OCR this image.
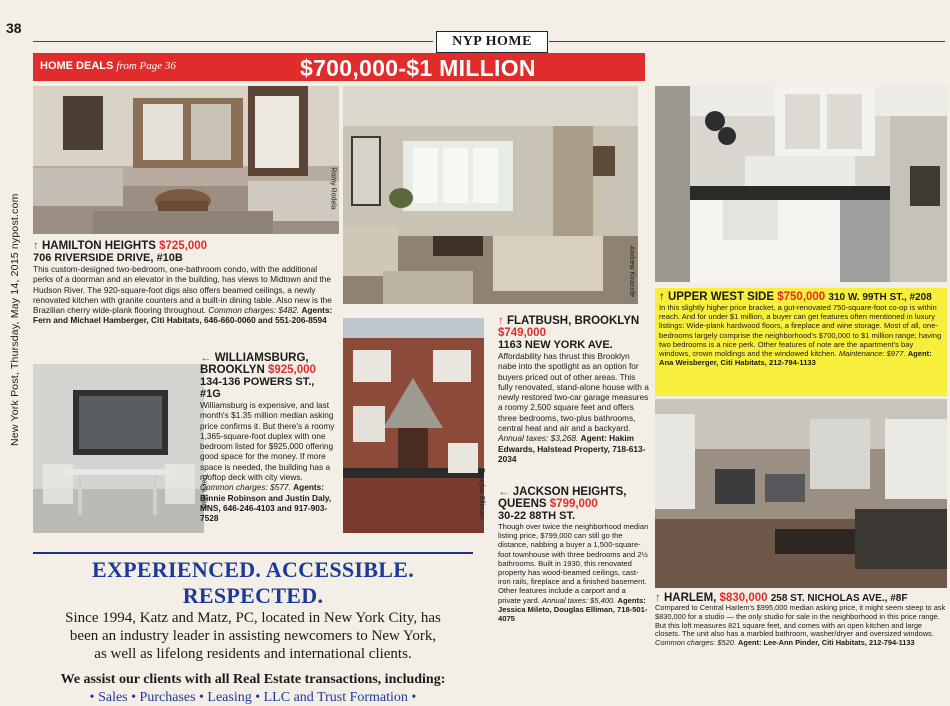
38
New York Post, Thursday, May 14, 2015 nypost.com
NYP HOME
HOME DEALS from Page 36	$700,000-$1 MILLION
Romy Rodela
Andrew Kiracofe
Travis Mark	Douglas Elliman
↑ HAMILTON HEIGHTS $725,000
706 RIVERSIDE DRIVE, #10B
This custom-designed two-bedroom, one-bathroom condo, with the additional perks of a doorman and an elevator in the building, has views to Midtown and the Hudson River. The 920-square-foot digs also offers beamed ceilings, a newly renovated kitchen with granite counters and a built-in dining table. Also new is the Brazilian cherry wide-plank flooring throughout. Common charges: $482. Agents: Fern and Michael Hamberger, Citi Habitats, 646-660-0060 and 551-206-8594
← WILLIAMSBURG, BROOKLYN $925,000
134-136 POWERS ST., #1G
Williamsburg is expensive, and last month's $1.35 million median asking price confirms it. But there's a roomy 1,365-square-foot duplex with one bedroom listed for $925,000 offering good space for the money. If more space is needed, the building has a rooftop deck with city views. Common charges: $577. Agents: Binnie Robinson and Justin Daly, MNS, 646-246-4103 and 917-903-7528
↑ FLATBUSH, BROOKLYN $749,000
1163 NEW YORK AVE.
Affordability has thrust this Brooklyn nabe into the spotlight as an option for buyers priced out of other areas. This fully renovated, stand-alone house with a newly restored two-car garage measures a roomy 2,500 square feet and offers three bedrooms, two-plus bathrooms, central heat and air and a backyard. Annual taxes: $3,268. Agent: Hakim Edwards, Halstead Property, 718-613-2034
← JACKSON HEIGHTS, QUEENS $799,000
30-22 88TH ST.
Though over twice the neighborhood median listing price, $799,000 can still go the distance, nabbing a buyer a 1,500-square-foot townhouse with three bedrooms and 2½ bathrooms. Built in 1930, this renovated property has wood-beamed ceilings, cast-iron rails, fireplace and a finished basement. Other features include a carport and a private yard. Annual taxes: $5,400. Agents: Jessica Mileto, Douglas Elliman, 718-501-4075
↑ UPPER WEST SIDE $750,000 310 W. 99TH ST., #208
In this slightly higher price bracket, a gut-renovated 750-square-foot co-op is within reach. And for under $1 million, a buyer can get features often mentioned in luxury listings: Wide-plank hardwood floors, a fireplace and wine storage. Most of all, one-bedrooms largely comprise the neighborhood's $700,000 to $1 million range; having two bedrooms is a nice perk. Other features of note are the apartment's bay windows, crown moldings and the windowed kitchen. Maintenance: $977. Agent: Ana Weisberger, Citi Habitats, 212-794-1133
↑ HARLEM, $830,000 258 ST. NICHOLAS AVE., #8F
Compared to Central Harlem's $995,000 median asking price, it might seem steep to ask $830,000 for a studio — the only studio for sale in the neighborhood in this price range. But this loft measures 821 square feet, and comes with an open kitchen and large closets. The unit also has a marbled bathroom, washer/dryer and oversized windows. Common charges: $520. Agent: Lee-Ann Pinder, Citi Habitats, 212-794-1133
EXPERIENCED. ACCESSIBLE. RESPECTED.
Since 1994, Katz and Matz, PC, located in New York City, has
been an industry leader in assisting newcomers to New York,
as well as lifelong residents and international clients.
We assist our clients with all Real Estate transactions, including:
• Sales • Purchases • Leasing • LLC and Trust Formation •
